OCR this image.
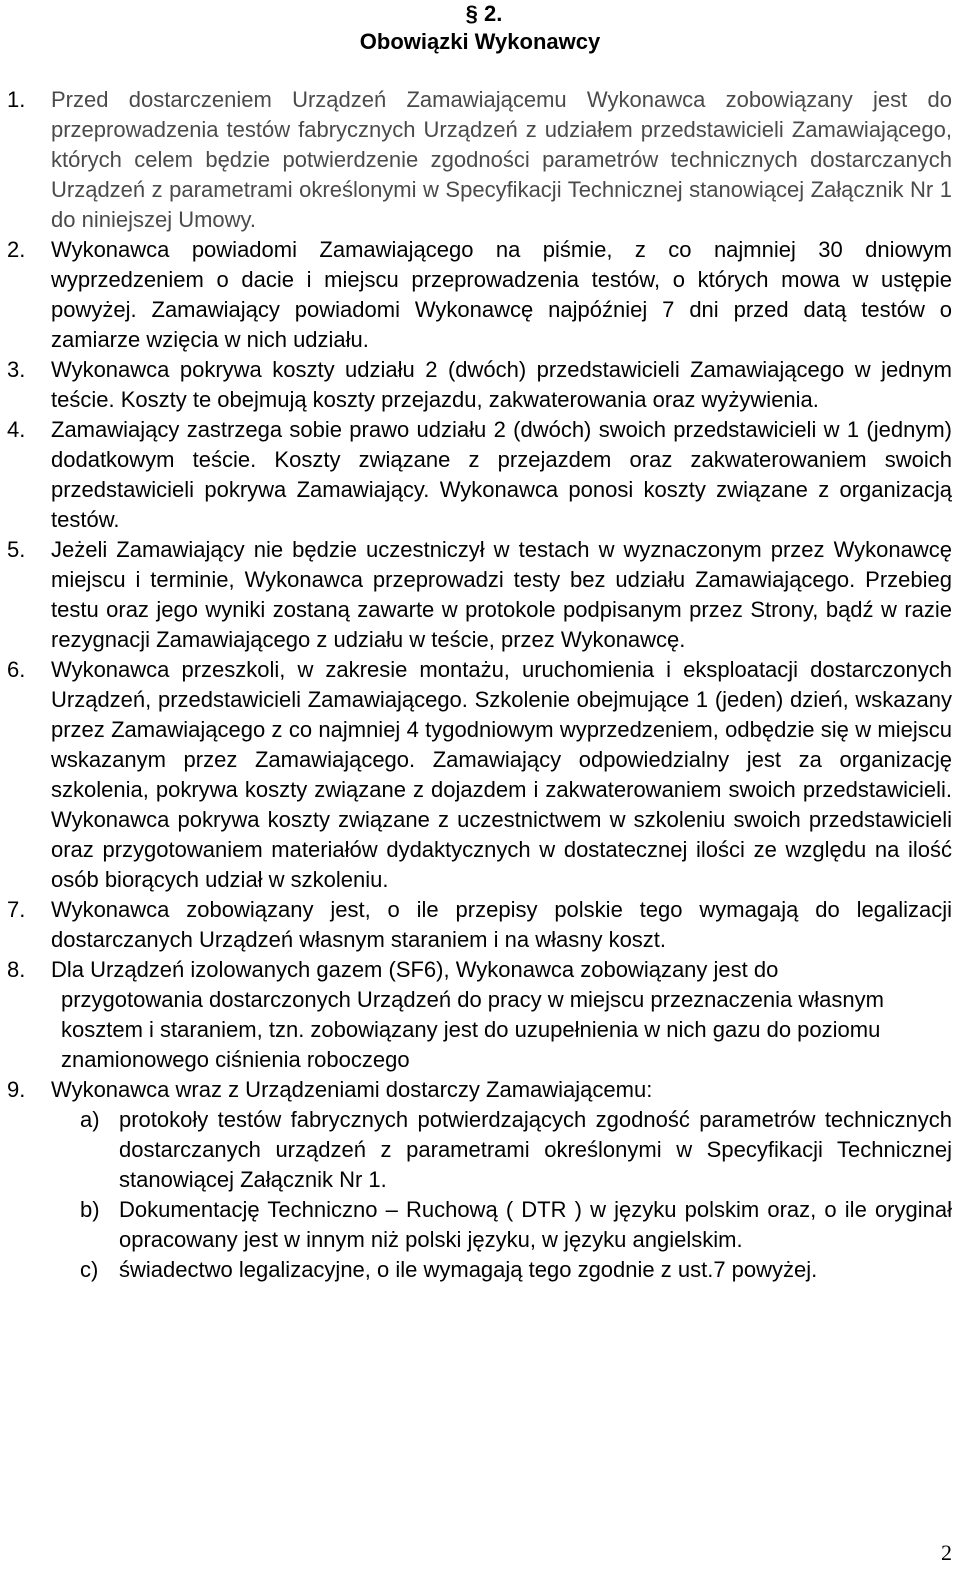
§ 2.
Obowiązki Wykonawcy
1. Przed dostarczeniem Urządzeń Zamawiającemu Wykonawca zobowiązany jest do przeprowadzenia testów fabrycznych Urządzeń z udziałem przedstawicieli Zamawiającego, których celem będzie potwierdzenie zgodności parametrów technicznych dostarczanych Urządzeń z parametrami określonymi w Specyfikacji Technicznej stanowiącej Załącznik Nr 1 do niniejszej Umowy.
2. Wykonawca powiadomi Zamawiającego na piśmie, z co najmniej 30 dniowym wyprzedzeniem o dacie i miejscu przeprowadzenia testów, o których mowa w ustępie powyżej. Zamawiający powiadomi Wykonawcę najpóźniej 7 dni przed datą testów o zamiarze wzięcia w nich udziału.
3. Wykonawca pokrywa koszty udziału 2 (dwóch) przedstawicieli Zamawiającego w jednym teście. Koszty te obejmują koszty przejazdu, zakwaterowania oraz wyżywienia.
4. Zamawiający zastrzega sobie prawo udziału 2 (dwóch) swoich przedstawicieli w 1 (jednym) dodatkowym teście. Koszty związane z przejazdem oraz zakwaterowaniem swoich przedstawicieli pokrywa Zamawiający. Wykonawca ponosi koszty związane z organizacją testów.
5. Jeżeli Zamawiający nie będzie uczestniczył w testach w wyznaczonym przez Wykonawcę miejscu i terminie, Wykonawca przeprowadzi testy bez udziału Zamawiającego. Przebieg testu oraz jego wyniki zostaną zawarte w protokole podpisanym przez Strony, bądź w razie rezygnacji Zamawiającego z udziału w teście, przez Wykonawcę.
6. Wykonawca przeszkoli, w zakresie montażu, uruchomienia i eksploatacji dostarczonych Urządzeń, przedstawicieli Zamawiającego. Szkolenie obejmujące 1 (jeden) dzień, wskazany przez Zamawiającego z co najmniej 4 tygodniowym wyprzedzeniem, odbędzie się w miejscu wskazanym przez Zamawiającego. Zamawiający odpowiedzialny jest za organizację szkolenia, pokrywa koszty związane z dojazdem i zakwaterowaniem swoich przedstawicieli. Wykonawca pokrywa koszty związane z uczestnictwem w szkoleniu swoich przedstawicieli oraz przygotowaniem materiałów dydaktycznych w dostatecznej ilości ze względu na ilość osób biorących udział w szkoleniu.
7. Wykonawca zobowiązany jest, o ile przepisy polskie tego wymagają do legalizacji dostarczanych Urządzeń własnym staraniem i na własny koszt.
8. Dla Urządzeń izolowanych gazem (SF6), Wykonawca zobowiązany jest do
przygotowania dostarczonych Urządzeń do pracy w miejscu przeznaczenia własnym kosztem i staraniem, tzn. zobowiązany jest do uzupełnienia w nich gazu do poziomu znamionowego ciśnienia roboczego
9. Wykonawca wraz z Urządzeniami dostarczy Zamawiającemu:
a) protokoły testów fabrycznych potwierdzających zgodność parametrów technicznych dostarczanych urządzeń z parametrami określonymi w Specyfikacji Technicznej stanowiącej Załącznik Nr 1.
b) Dokumentację Techniczno – Ruchową ( DTR ) w języku polskim oraz, o ile oryginał opracowany jest w innym niż polski języku, w języku angielskim.
c) świadectwo legalizacyjne, o ile wymagają tego zgodnie z ust.7 powyżej.
2
